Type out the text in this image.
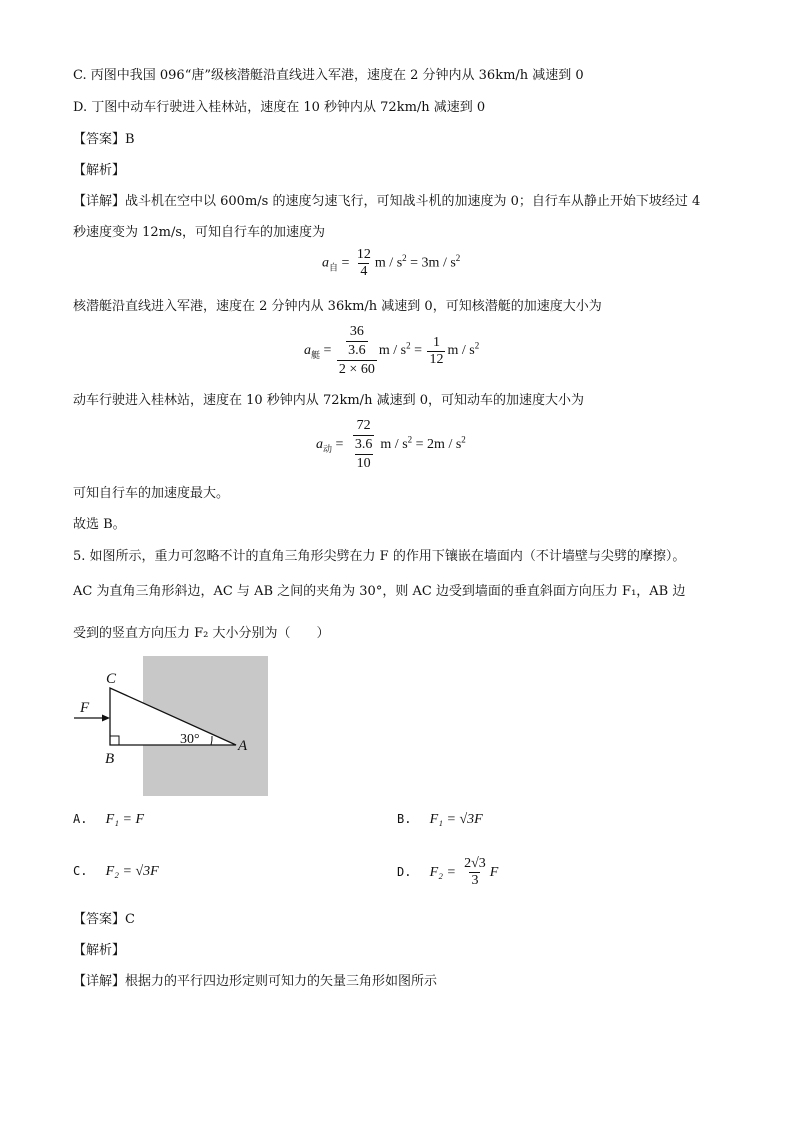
C. 丙图中我国 096“唐”级核潜艇沿直线进入军港，速度在 2 分钟内从 36km/h 减速到 0
D. 丁图中动车行驶进入桂林站，速度在 10 秒钟内从 72km/h 减速到 0
【答案】B
【解析】
【详解】战斗机在空中以 600m/s 的速度匀速飞行，可知战斗机的加速度为 0；自行车从静止开始下坡经过 4
秒速度变为 12m/s，可知自行车的加速度为
$a_自 = \frac{12}{4}$ $m / s^2 = 3m / s^2$
核潜艇沿直线进入军港，速度在 2 分钟内从 36km/h 减速到 0，可知核潜艇的加速度大小为
$a_艇 = \frac{\frac{36}{3.6}}{2 \times 60}$ $m / s^2 = \frac{1}{12}$ m / $s^2$
动车行驶进入桂林站，速度在 10 秒钟内从 72km/h 减速到 0，可知动车的加速度大小为
$a_动 = \frac{\frac{72}{3.6}}{10}$ $m / s^2 = 2m / s^2$
可知自行车的加速度最大。
故选 B。
5. 如图所示，重力可忽略不计的直角三角形尖劈在力 F 的作用下镶嵌在墙面内（不计墙壁与尖劈的摩擦）。
AC 为直角三角形斜边，AC 与 AB 之间的夹角为 30°，则 AC 边受到墙面的垂直斜面方向压力 F₁，AB 边
受到的竖直方向压力 F₂ 大小分别为（　　）
C
F
B
A
30°
A. F₁ = F	B. F₁ = √3F
C. F₂ = √3F	D. $F_2 = \frac{2√3}{3}$ F
【答案】C
【解析】
【详解】根据力的平行四边形定则可知力的矢量三角形如图所示
